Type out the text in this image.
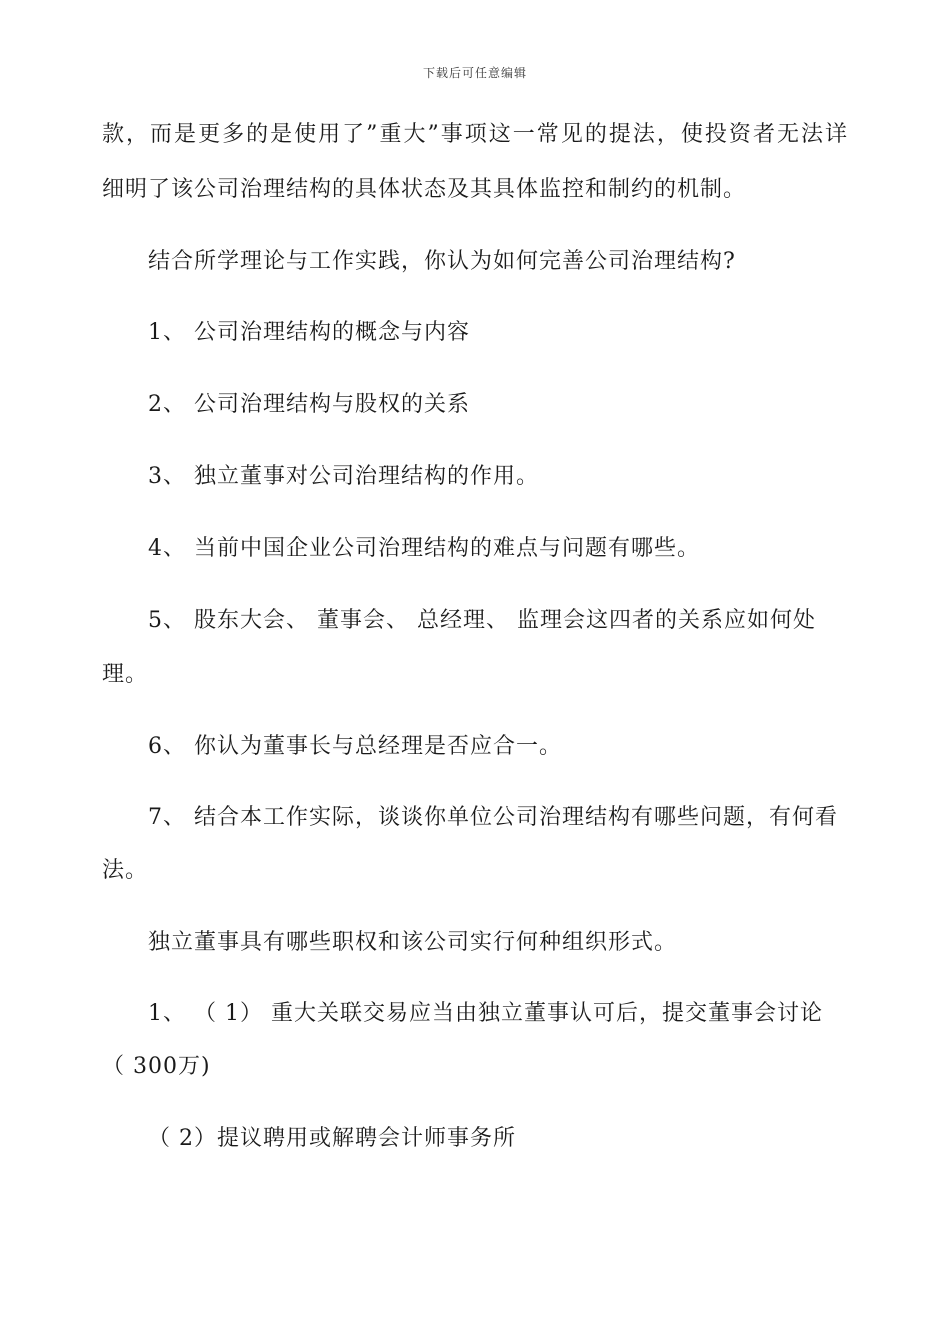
下载后可任意编辑
款，而是更多的是使用了”重大”事项这一常见的提法，使投资者无法详
细明了该公司治理结构的具体状态及其具体监控和制约的机制。
结合所学理论与工作实践，你认为如何完善公司治理结构?
1、 公司治理结构的概念与内容
2、 公司治理结构与股权的关系
3、 独立董事对公司治理结构的作用。
4、 当前中国企业公司治理结构的难点与问题有哪些。
5、 股东大会、 董事会、 总经理、 监理会这四者的关系应如何处
理。
6、 你认为董事长与总经理是否应合一。
7、 结合本工作实际，谈谈你单位公司治理结构有哪些问题，有何看
法。
独立董事具有哪些职权和该公司实行何种组织形式。
1、 （ 1） 重大关联交易应当由独立董事认可后，提交董事会讨论
（ 300万)
（ 2）提议聘用或解聘会计师事务所
